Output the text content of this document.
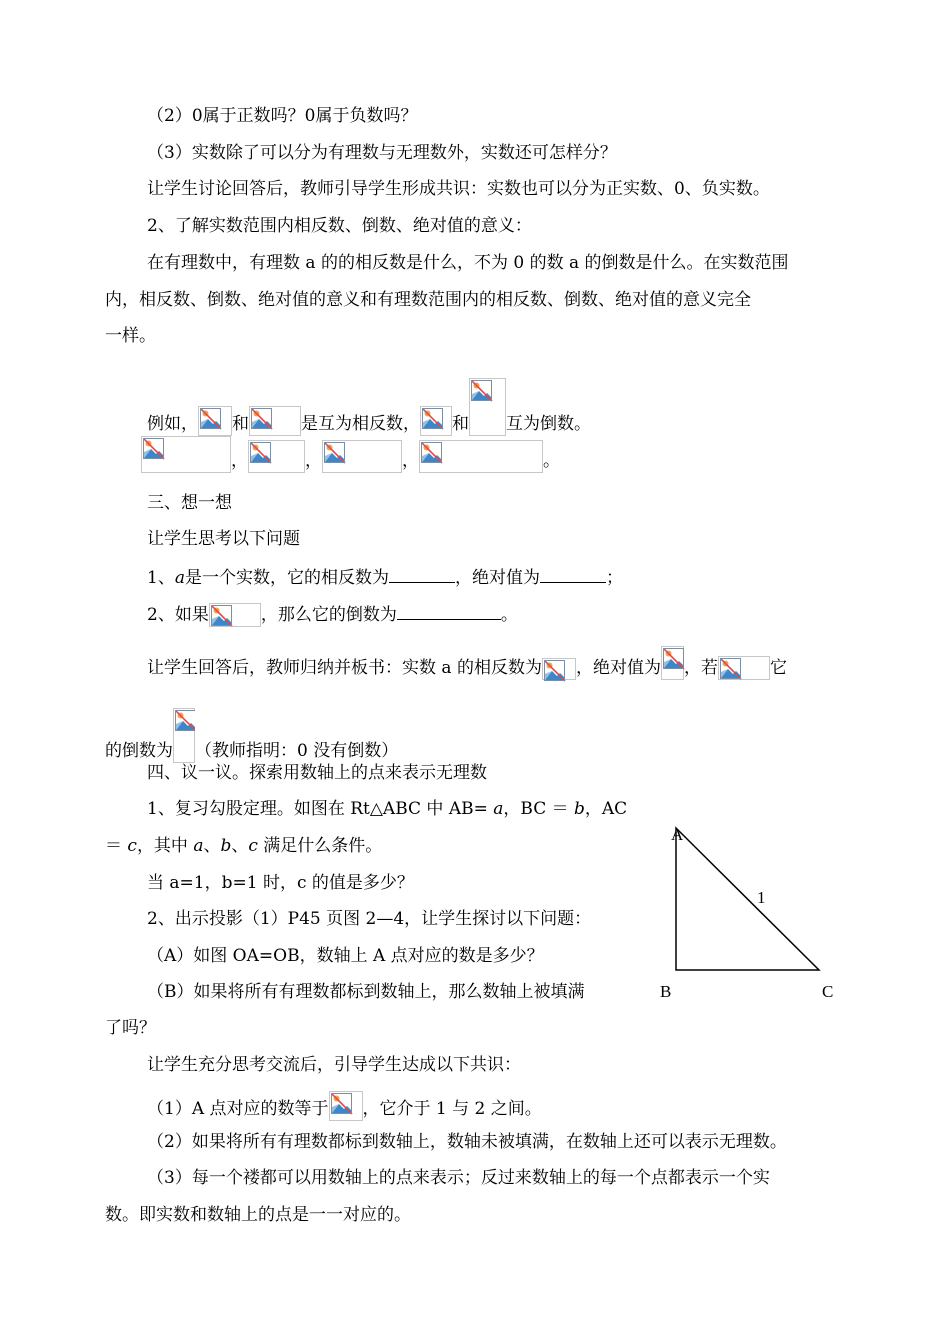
（2）0属于正数吗？0属于负数吗？
（3）实数除了可以分为有理数与无理数外，实数还可怎样分？
让学生讨论回答后，教师引导学生形成共识：实数也可以分为正实数、0、负实数。
2、了解实数范围内相反数、倒数、绝对值的意义：
在有理数中，有理数 a 的的相反数是什么，不为 0 的数 a 的倒数是什么。在实数范围
内，相反数、倒数、绝对值的意义和有理数范围内的相反数、倒数、绝对值的意义完全
一样。
例如， 和	是互为相反数， 和 互为倒数。
，	，	，	。
三、想一想
让学生思考以下问题
1、a是一个实数，它的相反数为	，绝对值为	；
2、如果	，那么它的倒数为	。
让学生回答后，教师归纳并板书：实数 a 的相反数为 ，绝对值为 ，若	它
的倒数为 （教师指明：0 没有倒数）
四、议一议。探索用数轴上的点来表示无理数
1、复习勾股定理。如图在 Rt△ABC 中 AB= a，BC ＝ b，AC
＝ c，其中 a、b、c 满足什么条件。
当 a=1，b=1 时，c 的值是多少？
2、出示投影（1）P45 页图 2—4，让学生探讨以下问题：
（A）如图 OA=OB，数轴上 A 点对应的数是多少？
（B）如果将所有有理数都标到数轴上，那么数轴上被填满
了吗？
让学生充分思考交流后，引导学生达成以下共识：
（1）A 点对应的数等于 ，它介于 1 与 2 之间。
（2）如果将所有有理数都标到数轴上，数轴未被填满，在数轴上还可以表示无理数。
（3）每一个褛都可以用数轴上的点来表示；反过来数轴上的每一个点都表示一个实
数。即实数和数轴上的点是一一对应的。
A
B	C
1
